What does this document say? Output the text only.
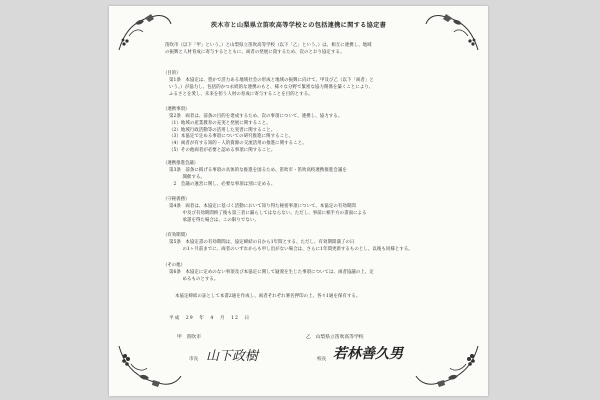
茨木市と山梨県立笛吹高等学校との包括連携に関する協定書
笛吹市（以下「甲」という。）と山梨県立笛吹高等学校（以下「乙」という。）は、相互に連携し、地域
の振興と人材育成に寄与するとともに、両者の発展に資するため、次のとおり協定する。
（目的）
第1条　本協定は、豊かで活力ある地域社会の形成と地域の振興に向けて、甲及び乙（以下「両者」と
いう。）が協力し、包括的かつ永続的な連携のもと、様々な分野で緊密な協力関係を築くことにより、
ふるさとを愛し、未来を担う人材の育成に寄与することを目的とする。
（連携事項）
第2条　両者は、前条の目的を達成するため、次の事項について、連携し、協力する。
（1）地域の産業教育の充実と発展に関すること。
（2）地域行政活動等の活用した実習に関すること。
（3）本協定で定める事項についての研究推進に関すること。
（4）両者が有する知的・人的資源の交流活用の推進に関すること。
（5）その他両者が必要と認める事項に関すること。
（連携推進会議）
第3条　前条に掲げる事項の具体的な推進を図るため、笛吹市・笛吹高校連携推進会議を
　　　開催する。
　2　会議の運営に関し、必要な事項は別に定める。
（守秘義務）
第4条　両者は、本協定に基づく活動において知り得た秘密事項について、本協定の有効期間
　　　中及び有効期間終了後も第三者に漏らしてはならない。ただし、事前に相手方の書面による
　　　承諾を得た場合は、この限りでない。
（有効期間）
第5条　本協定書の有効期間は、協定締結の日から1年間とする。ただし、有効期間満了の日
　　　の1ヶ月前までに、両者のいずれからも申し出がない場合は、さらに1年間更新するものとし、以後も同様とする。
（その他）
第6条　本協定に定めのない事項及び本協定に関して疑義を生じた事項については、両者協議の上、定
　　　めるものとする。
本協定締結の証として本書2通を作成し、両者それぞれ署名押印の上、各々1通を保有する。
平成　29　年　4　月　12　日
甲　笛吹市	乙　山梨県立笛吹高等学校
市長 山下政樹	校長 若林善久男
